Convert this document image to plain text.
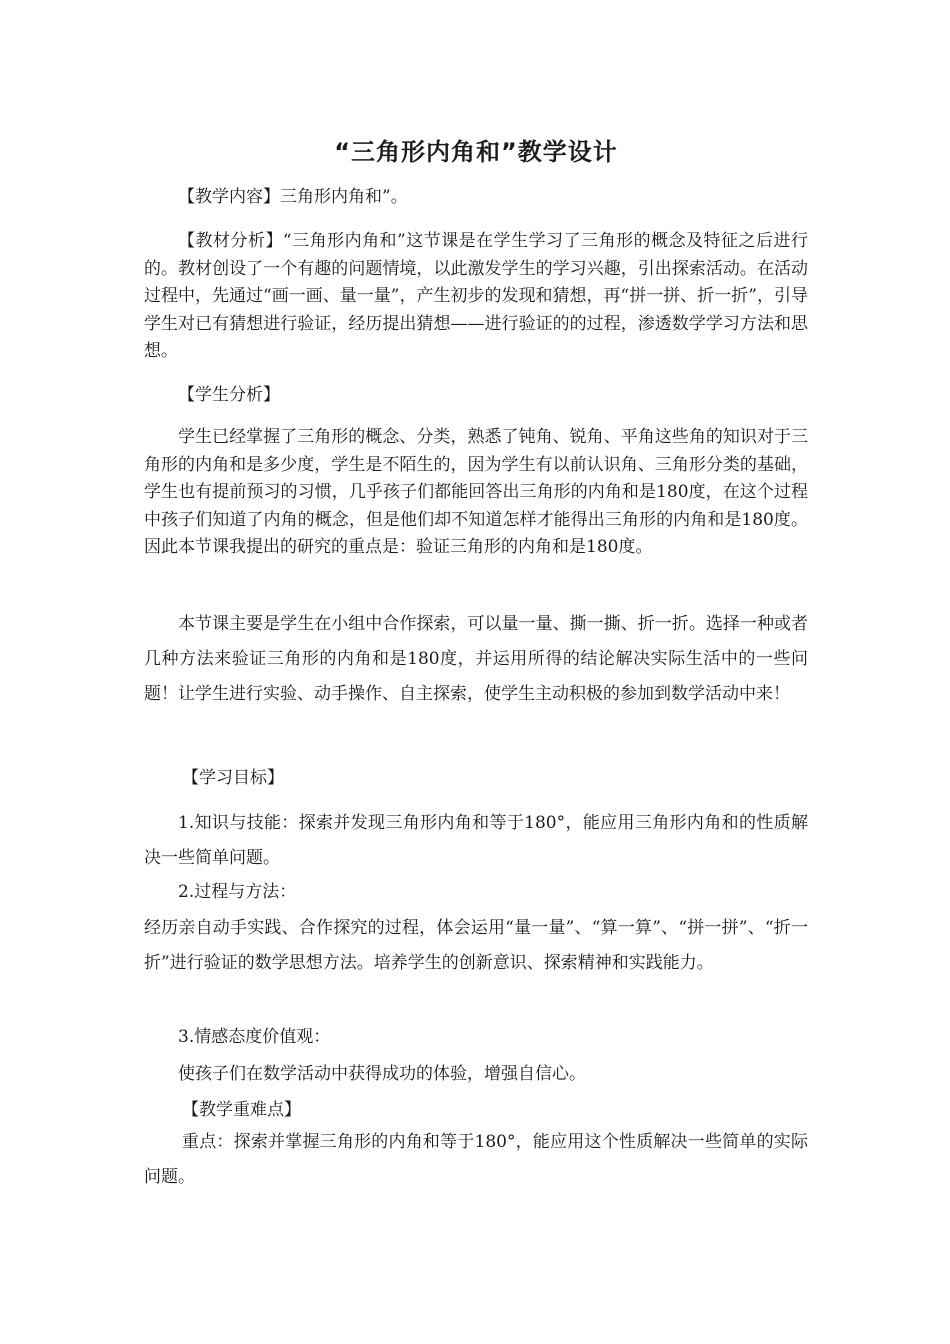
“三角形内角和”教学设计
【教学内容】三角形内角和”。
【教材分析】“三角形内角和”这节课是在学生学习了三角形的概念及特征之后进行的。教材创设了一个有趣的问题情境，以此激发学生的学习兴趣，引出探索活动。在活动过程中，先通过“画一画、量一量”，产生初步的发现和猜想，再“拼一拼、折一折”，引导学生对已有猜想进行验证，经历提出猜想——进行验证的的过程，渗透数学学习方法和思想。
【学生分析】
学生已经掌握了三角形的概念、分类，熟悉了钝角、锐角、平角这些角的知识对于三角形的内角和是多少度，学生是不陌生的，因为学生有以前认识角、三角形分类的基础，学生也有提前预习的习惯，几乎孩子们都能回答出三角形的内角和是180度，在这个过程中孩子们知道了内角的概念，但是他们却不知道怎样才能得出三角形的内角和是180度。因此本节课我提出的研究的重点是：验证三角形的内角和是180度。
本节课主要是学生在小组中合作探索，可以量一量、撕一撕、折一折。选择一种或者几种方法来验证三角形的内角和是180度，并运用所得的结论解决实际生活中的一些问题！让学生进行实验、动手操作、自主探索，使学生主动积极的参加到数学活动中来！
【学习目标】
1.知识与技能：探索并发现三角形内角和等于180°，能应用三角形内角和的性质解决一些简单问题。
2.过程与方法：
经历亲自动手实践、合作探究的过程，体会运用“量一量”、“算一算”、“拼一拼”、“折一折”进行验证的数学思想方法。培养学生的创新意识、探索精神和实践能力。
3.情感态度价值观：
使孩子们在数学活动中获得成功的体验，增强自信心。
【教学重难点】
重点：探索并掌握三角形的内角和等于180°，能应用这个性质解决一些简单的实际问题。
